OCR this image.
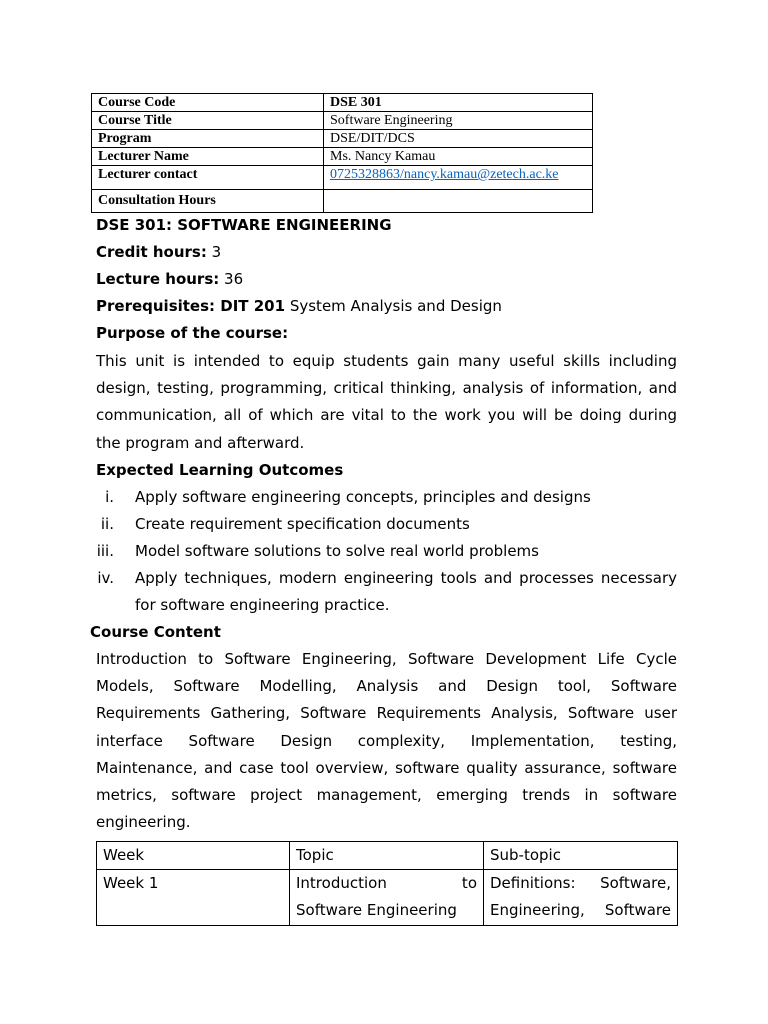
Course Code	DSE 301
Course Title	Software Engineering
Program	DSE/DIT/DCS
Lecturer Name	Ms. Nancy Kamau
Lecturer contact	0725328863/nancy.kamau@zetech.ac.ke
Consultation Hours	
DSE 301: SOFTWARE ENGINEERING
Credit hours: 3
Lecture hours: 36
Prerequisites: DIT 201 System Analysis and Design
Purpose of the course:
This unit is intended to equip students gain many useful skills including design, testing, programming, critical thinking, analysis of information, and communication, all of which are vital to the work you will be doing during the program and afterward.
Expected Learning Outcomes
i. Apply software engineering concepts, principles and designs
ii. Create requirement specification documents
iii. Model software solutions to solve real world problems
iv. Apply techniques, modern engineering tools and processes necessary for software engineering practice.
Course Content
Introduction to Software Engineering, Software Development Life Cycle Models, Software Modelling, Analysis and Design tool, Software Requirements Gathering, Software Requirements Analysis, Software user interface Software Design complexity, Implementation, testing, Maintenance, and case tool overview, software quality assurance, software metrics, software project management, emerging trends in software engineering.
Week	Topic	Sub-topic
Week 1	Introduction to Software Engineering	Definitions: Software, Engineering, Software
